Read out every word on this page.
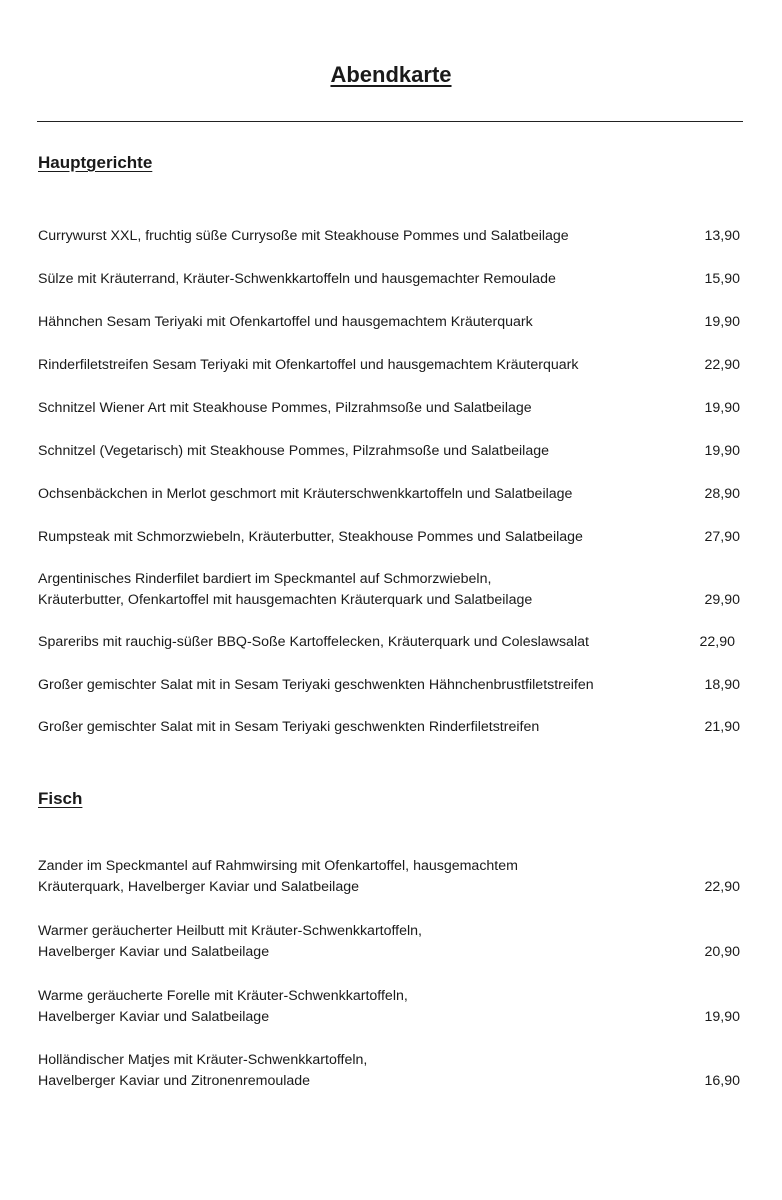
Abendkarte
Hauptgerichte
Currywurst XXL, fruchtig süße Currysoße mit Steakhouse Pommes und Salatbeilage	13,90
Sülze mit Kräuterrand, Kräuter-Schwenkkartoffeln und hausgemachter Remoulade	15,90
Hähnchen Sesam Teriyaki mit Ofenkartoffel und hausgemachtem Kräuterquark	19,90
Rinderfiletstreifen Sesam Teriyaki mit Ofenkartoffel und hausgemachtem Kräuterquark	22,90
Schnitzel Wiener Art mit Steakhouse Pommes, Pilzrahmsoße und Salatbeilage	19,90
Schnitzel (Vegetarisch) mit Steakhouse Pommes, Pilzrahmsoße und Salatbeilage	19,90
Ochsenbäckchen in Merlot geschmort mit Kräuterschwenkkartoffeln und Salatbeilage	28,90
Rumpsteak mit Schmorzwiebeln, Kräuterbutter, Steakhouse Pommes und Salatbeilage	27,90
Argentinisches Rinderfilet bardiert im Speckmantel auf Schmorzwiebeln,
Kräuterbutter, Ofenkartoffel mit hausgemachten Kräuterquark und Salatbeilage	29,90
Spareribs mit rauchig-süßer BBQ-Soße Kartoffelecken, Kräuterquark und Coleslawsalat	22,90
Großer gemischter Salat mit in Sesam Teriyaki geschwenkten Hähnchenbrustfiletstreifen	18,90
Großer gemischter Salat mit in Sesam Teriyaki geschwenkten Rinderfiletstreifen	21,90
Fisch
Zander im Speckmantel auf Rahmwirsing mit Ofenkartoffel, hausgemachtem
Kräuterquark, Havelberger Kaviar und Salatbeilage	22,90
Warmer geräucherter Heilbutt mit Kräuter-Schwenkkartoffeln,
Havelberger Kaviar und Salatbeilage	20,90
Warme geräucherte Forelle mit Kräuter-Schwenkkartoffeln,
Havelberger Kaviar und Salatbeilage	19,90
Holländischer Matjes mit Kräuter-Schwenkkartoffeln,
Havelberger Kaviar und Zitronenremoulade	16,90
